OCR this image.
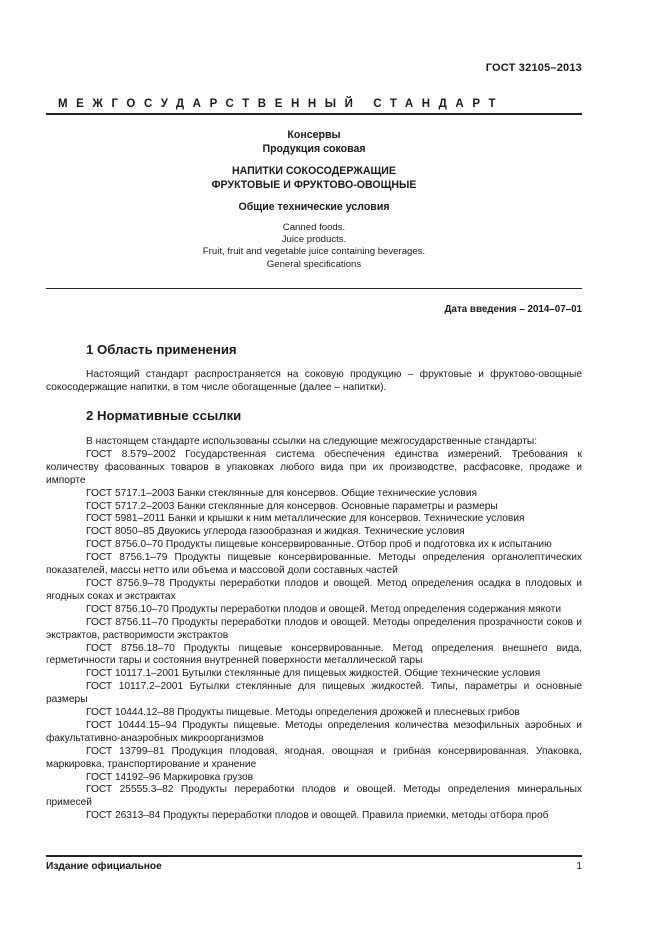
ГОСТ 32105–2013
МЕЖГОСУДАРСТВЕННЫЙ СТАНДАРТ
Консервы
Продукция соковая
НАПИТКИ СОКОСОДЕРЖАЩИЕ
ФРУКТОВЫЕ И ФРУКТОВО-ОВОЩНЫЕ
Общие технические условия
Canned foods.
Juice products.
Fruit, fruit and vegetable juice containing beverages.
General specifications
Дата введения – 2014–07–01
1 Область применения

Настоящий стандарт распространяется на соковую продукцию – фруктовые и фруктово-овощные сокосодержащие напитки, в том числе обогащенные (далее – напитки).

2 Нормативные ссылки

В настоящем стандарте использованы ссылки на следующие межгосударственные стандарты:

ГОСТ 8.579–2002 Государственная система обеспечения единства измерений. Требования к количеству фасованных товаров в упаковках любого вида при их производстве, расфасовке, продаже и импорте

ГОСТ 5717.1–2003 Банки стеклянные для консервов. Общие технические условия

ГОСТ 5717.2–2003 Банки стеклянные для консервов. Основные параметры и размеры

ГОСТ 5981–2011 Банки и крышки к ним металлические для консервов. Технические условия

ГОСТ 8050–85 Двуокись углерода газообразная и жидкая. Технические условия

ГОСТ 8756.0–70 Продукты пищевые консервированные. Отбор проб и подготовка их к испытанию

ГОСТ 8756.1–79 Продукты пищевые консервированные. Методы определения органолептических показателей, массы нетто или объема и массовой доли составных частей

ГОСТ 8756.9–78 Продукты переработки плодов и овощей. Метод определения осадка в плодовых и ягодных соках и экстрактах

ГОСТ 8756.10–70 Продукты переработки плодов и овощей. Метод определения содержания мякоти

ГОСТ 8756.11–70 Продукты переработки плодов и овощей. Методы определения прозрачности соков и экстрактов, растворимости экстрактов

ГОСТ 8756.18–70 Продукты пищевые консервированные. Метод определения внешнего вида, герметичности тары и состояния внутренней поверхности металлической тары

ГОСТ 10117.1–2001 Бутылки стеклянные для пищевых жидкостей. Общие технические условия

ГОСТ 10117.2–2001 Бутылки стеклянные для пищевых жидкостей. Типы, параметры и основные размеры

ГОСТ 10444.12–88 Продукты пищевые. Методы определения дрожжей и плесневых грибов

ГОСТ 10444.15–94 Продукты пищевые. Методы определения количества мезофильных аэробных и факультативно-анаэробных микроорганизмов

ГОСТ 13799–81 Продукция плодовая, ягодная, овощная и грибная консервированная. Упаковка, маркировка, транспортирование и хранение

ГОСТ 14192–96 Маркировка грузов

ГОСТ 25555.3–82 Продукты переработки плодов и овощей. Методы определения минеральных примесей

ГОСТ 26313–84 Продукты переработки плодов и овощей. Правила приемки, методы отбора проб

Издание официальное	1
